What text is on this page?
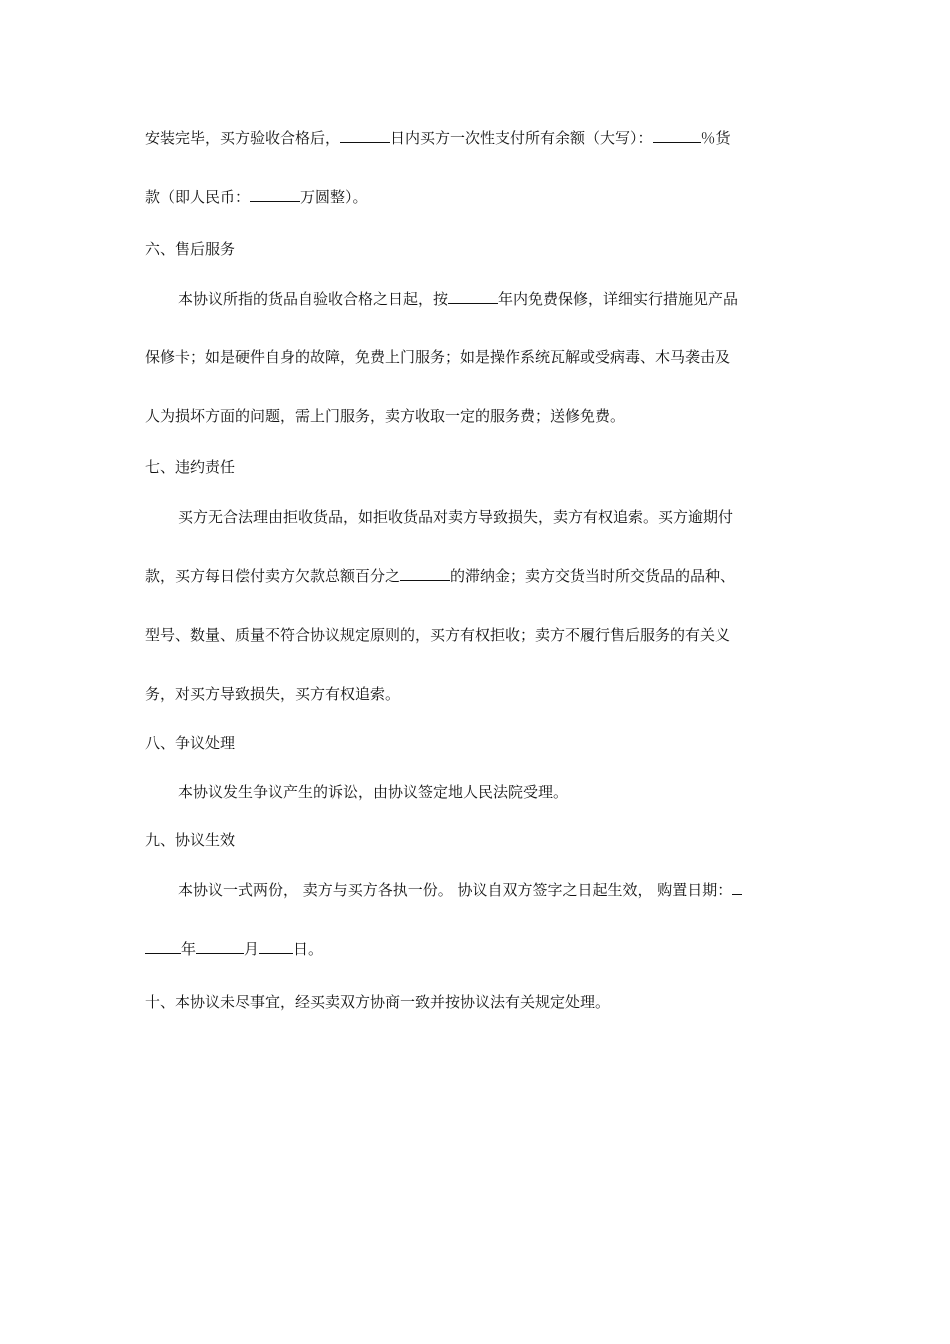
安装完毕，买方验收合格后，	日内买方一次性支付所有余额（大写）：	％货
款（即人民币：	万圆整）。
六、售后服务
本协议所指的货品自验收合格之日起，按	年内免费保修，详细实行措施见产品
保修卡；如是硬件自身的故障，免费上门服务；如是操作系统瓦解或受病毒、木马袭击及
人为损坏方面的问题，需上门服务，卖方收取一定的服务费；送修免费。
七、违约责任
买方无合法理由拒收货品，如拒收货品对卖方导致损失，卖方有权追索。买方逾期付
款，买方每日偿付卖方欠款总额百分之	的滞纳金；卖方交货当时所交货品的品种、
型号、数量、质量不符合协议规定原则的，买方有权拒收；卖方不履行售后服务的有关义
务，对买方导致损失，买方有权追索。
八、争议处理
本协议发生争议产生的诉讼，由协议签定地人民法院受理。
九、协议生效
本协议一式两份， 卖方与买方各执一份。 协议自双方签字之日起生效， 购置日期：
年	月 日。
十、本协议未尽事宜，经买卖双方协商一致并按协议法有关规定处理。
